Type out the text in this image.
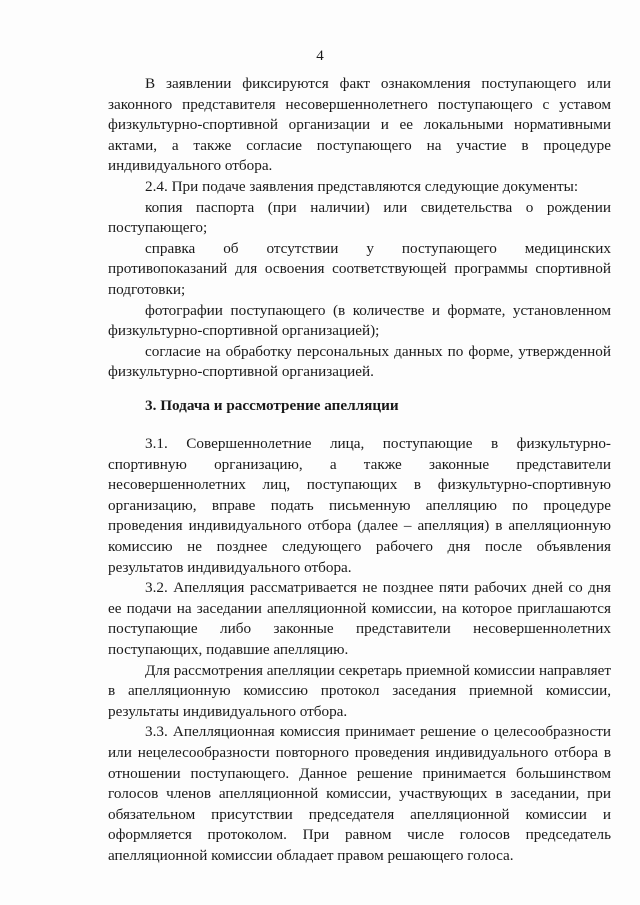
4

В заявлении фиксируются факт ознакомления поступающего или законного представителя несовершеннолетнего поступающего с уставом физкультурно-спортивной организации и ее локальными нормативными актами, а также согласие поступающего на участие в процедуре индивидуального отбора.

2.4. При подаче заявления представляются следующие документы:

копия паспорта (при наличии) или свидетельства о рождении поступающего;

справка об отсутствии у поступающего медицинских противопоказаний для освоения соответствующей программы спортивной подготовки;

фотографии поступающего (в количестве и формате, установленном физкультурно-спортивной организацией);

согласие на обработку персональных данных по форме, утвержденной физкультурно-спортивной организацией.

3. Подача и рассмотрение апелляции

3.1. Совершеннолетние лица, поступающие в физкультурно-спортивную организацию, а также законные представители несовершеннолетних лиц, поступающих в физкультурно-спортивную организацию, вправе подать письменную апелляцию по процедуре проведения индивидуального отбора (далее – апелляция) в апелляционную комиссию не позднее следующего рабочего дня после объявления результатов индивидуального отбора.

3.2. Апелляция рассматривается не позднее пяти рабочих дней со дня ее подачи на заседании апелляционной комиссии, на которое приглашаются поступающие либо законные представители несовершеннолетних поступающих, подавшие апелляцию.

Для рассмотрения апелляции секретарь приемной комиссии направляет в апелляционную комиссию протокол заседания приемной комиссии, результаты индивидуального отбора.

3.3. Апелляционная комиссия принимает решение о целесообразности или нецелесообразности повторного проведения индивидуального отбора в отношении поступающего. Данное решение принимается большинством голосов членов апелляционной комиссии, участвующих в заседании, при обязательном присутствии председателя апелляционной комиссии и оформляется протоколом. При равном числе голосов председатель апелляционной комиссии обладает правом решающего голоса.
